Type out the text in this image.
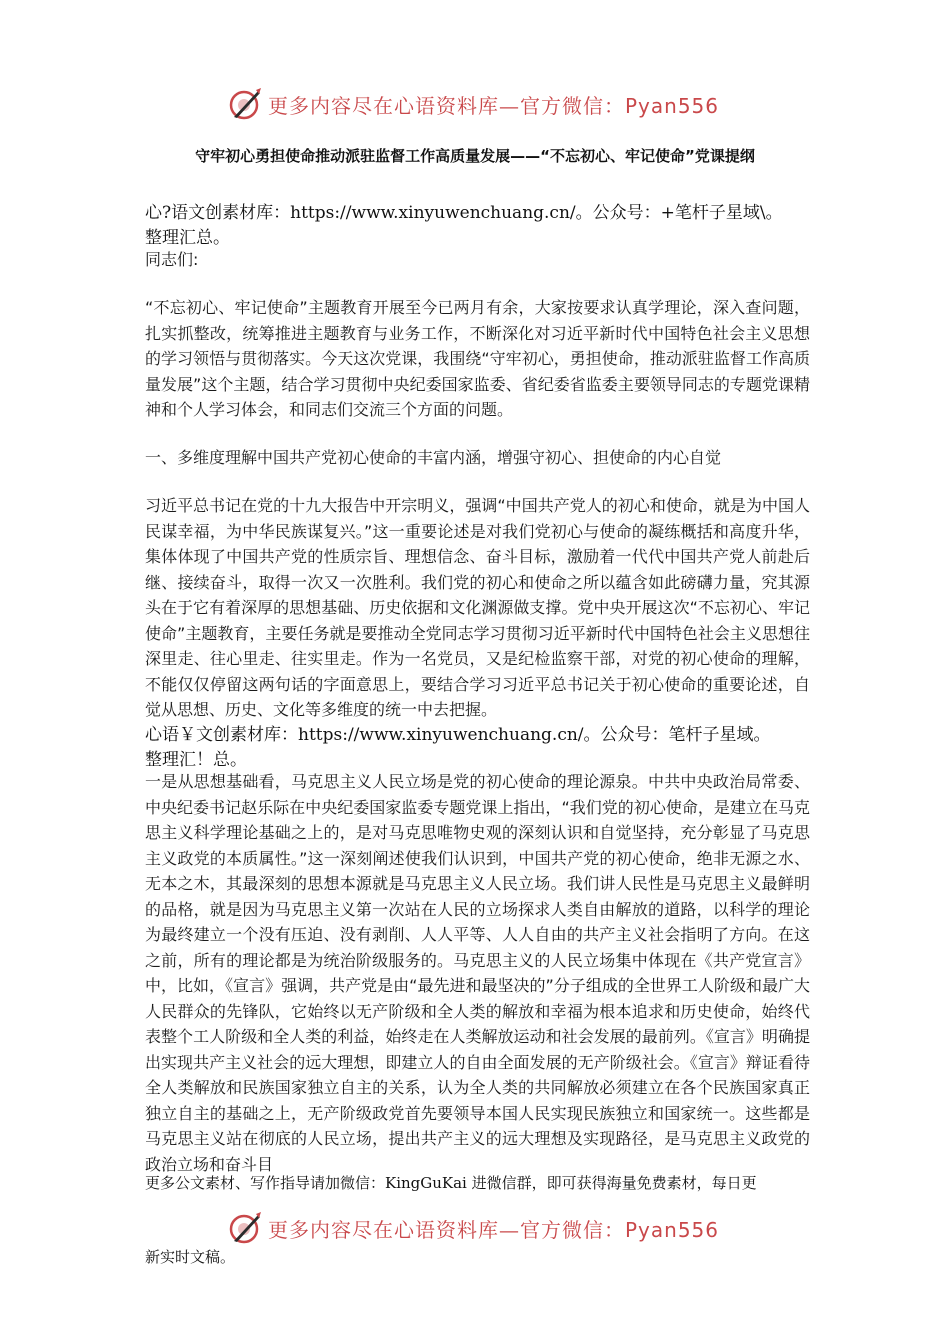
更多内容尽在心语资料库—官方微信：Pyan556
守牢初心勇担使命推动派驻监督工作高质量发展——“不忘初心、牢记使命”党课提纲
心?语文创素材库：https://www.xinyuwenchuang.cn/。公众号：+笔杆子星域\。
整理汇总。
同志们:
“不忘初心、牢记使命”主题教育开展至今已两月有余，大家按要求认真学理论，深入查问题，扎实抓整改，统筹推进主题教育与业务工作，不断深化对习近平新时代中国特色社会主义思想的学习领悟与贯彻落实。今天这次党课，我围绕“守牢初心，勇担使命，推动派驻监督工作高质量发展”这个主题，结合学习贯彻中央纪委国家监委、省纪委省监委主要领导同志的专题党课精神和个人学习体会，和同志们交流三个方面的问题。
一、多维度理解中国共产党初心使命的丰富内涵，增强守初心、担使命的内心自觉
习近平总书记在党的十九大报告中开宗明义，强调“中国共产党人的初心和使命，就是为中国人民谋幸福，为中华民族谋复兴。”这一重要论述是对我们党初心与使命的凝练概括和高度升华，集体体现了中国共产党的性质宗旨、理想信念、奋斗目标，激励着一代代中国共产党人前赴后继、接续奋斗，取得一次又一次胜利。我们党的初心和使命之所以蕴含如此磅礴力量，究其源头在于它有着深厚的思想基础、历史依据和文化渊源做支撑。党中央开展这次“不忘初心、牢记使命”主题教育，主要任务就是要推动全党同志学习贯彻习近平新时代中国特色社会主义思想往深里走、往心里走、往实里走。作为一名党员，又是纪检监察干部，对党的初心使命的理解，不能仅仅停留这两句话的字面意思上，要结合学习习近平总书记关于初心使命的重要论述，自觉从思想、历史、文化等多维度的统一中去把握。
心语￥文创素材库：https://www.xinyuwenchuang.cn/。公众号：笔杆子星域。
整理汇！总。
一是从思想基础看，马克思主义人民立场是党的初心使命的理论源泉。中共中央政治局常委、中央纪委书记赵乐际在中央纪委国家监委专题党课上指出，“我们党的初心使命，是建立在马克思主义科学理论基础之上的，是对马克思唯物史观的深刻认识和自觉坚持，充分彰显了马克思主义政党的本质属性。”这一深刻阐述使我们认识到，中国共产党的初心使命，绝非无源之水、无本之木，其最深刻的思想本源就是马克思主义人民立场。我们讲人民性是马克思主义最鲜明的品格，就是因为马克思主义第一次站在人民的立场探求人类自由解放的道路，以科学的理论为最终建立一个没有压迫、没有剥削、人人平等、人人自由的共产主义社会指明了方向。在这之前，所有的理论都是为统治阶级服务的。马克思主义的人民立场集中体现在《共产党宣言》中，比如，《宣言》强调，共产党是由“最先进和最坚决的”分子组成的全世界工人阶级和最广大人民群众的先锋队，它始终以无产阶级和全人类的解放和幸福为根本追求和历史使命，始终代表整个工人阶级和全人类的利益，始终走在人类解放运动和社会发展的最前列。《宣言》明确提出实现共产主义社会的远大理想，即建立人的自由全面发展的无产阶级社会。《宣言》辩证看待全人类解放和民族国家独立自主的关系，认为全人类的共同解放必须建立在各个民族国家真正独立自主的基础之上，无产阶级政党首先要领导本国人民实现民族独立和国家统一。这些都是马克思主义站在彻底的人民立场，提出共产主义的远大理想及实现路径，是马克思主义政党的政治立场和奋斗目
更多公文素材、写作指导请加微信：KingGuKai 进微信群，即可获得海量免费素材，每日更
更多内容尽在心语资料库—官方微信：Pyan556
新实时文稿。
